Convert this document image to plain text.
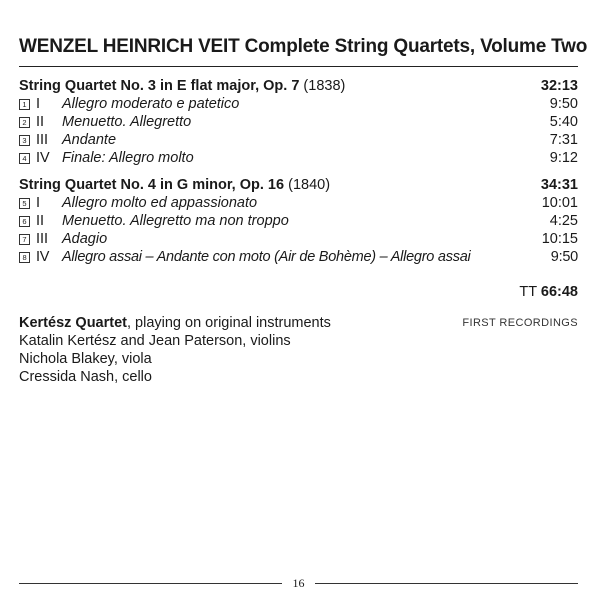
WENZEL HEINRICH VEIT Complete String Quartets, Volume Two
String Quartet No. 3 in E flat major, Op. 7 (1838)	32:13
1 I	Allegro moderato e patetico	9:50
2 II	Menuetto. Allegretto	5:40
3 III Andante	7:31
4 IV Finale: Allegro molto	9:12
String Quartet No. 4 in G minor, Op. 16 (1840)	34:31
5 I	Allegro molto ed appassionato	10:01
6 II	Menuetto. Allegretto ma non troppo	4:25
7 III Adagio	10:15
8 IV Allegro assai – Andante con moto (Air de Bohème) – Allegro assai	9:50
TT 66:48
Kertész Quartet, playing on original instruments
Katalin Kertész and Jean Paterson, violins
Nichola Blakey, viola
Cressida Nash, cello
FIRST RECORDINGS
16
